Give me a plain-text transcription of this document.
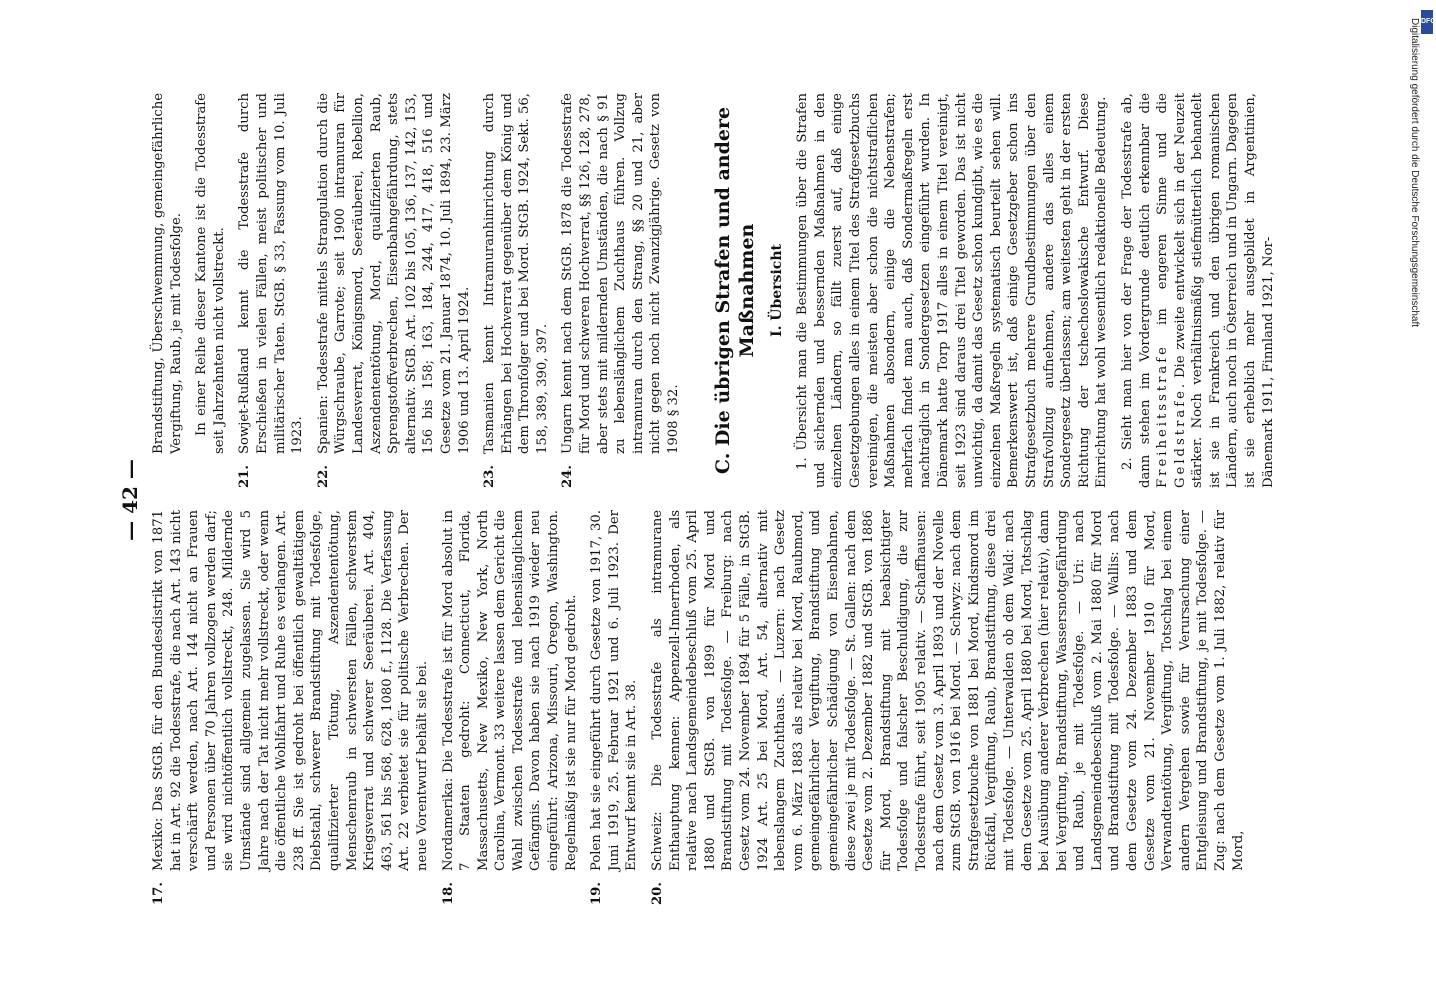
— 42 —
17.
Mexiko: Das StGB. für den Bundesdistrikt von 1871 hat in Art. 92 die Todesstrafe, die nach Art. 143 nicht verschärft werden, nach Art. 144 nicht an Frauen und Personen über 70 Jahren vollzogen werden darf; sie wird nichtöffentlich vollstreckt, 248. Mildernde Umstände sind allgemein zugelassen. Sie wird 5 Jahre nach der Tat nicht mehr vollstreckt, oder wenn die öffentliche Wohlfahrt und Ruhe es verlangen. Art. 238 ff. Sie ist gedroht bei öffentlich gewalttätigem Diebstahl, schwerer Brandstiftung mit Todesfolge, qualifizierter Tötung, Aszendententötung, Menschenraub in schwersten Fällen, schwerstem Kriegsverrat und schwerer Seeräuberei. Art. 404, 463, 561 bis 568, 628, 1080 f., 1128. Die Verfassung Art. 22 verbietet sie für politische Verbrechen. Der neue Vorentwurf behält sie bei.
18.
Nordamerika: Die Todesstrafe ist für Mord absolut in 7 Staaten gedroht: Connecticut, Florida, Massachusetts, New Mexiko, New York, North Carolina, Vermont. 33 weitere lassen dem Gericht die Wahl zwischen Todesstrafe und lebenslänglichem Gefängnis. Davon haben sie nach 1919 wieder neu eingeführt: Arizona, Missouri, Oregon, Washington. Regelmäßig ist sie nur für Mord gedroht.
19.
Polen hat sie eingeführt durch Gesetze von 1917, 30. Juni 1919, 25. Februar 1921 und 6. Juli 1923. Der Entwurf kennt sie in Art. 38.
20.
Schweiz: Die Todesstrafe als intramurane Enthauptung kennen: Appenzell-Innerrhoden, als relative nach Landsgemeindebeschluß vom 25. April 1880 und StGB. von 1899 für Mord und Brandstiftung mit Todesfolge. — Freiburg: nach Gesetz vom 24. November 1894 für 5 Fälle, in StGB. 1924 Art. 25 bei Mord, Art. 54, alternativ mit lebenslangem Zuchthaus. — Luzern: nach Gesetz vom 6. März 1883 als relativ bei Mord, Raubmord, gemeingefährlicher Vergiftung, Brandstiftung und gemeingefährlicher Schädigung von Eisenbahnen, diese zwei je mit Todesfolge. — St. Gallen: nach dem Gesetze vom 2. Dezember 1882 und StGB. von 1886 für Mord, Brandstiftung mit beabsichtigter Todesfolge und falscher Beschuldigung, die zur Todesstrafe führt, seit 1905 relativ. — Schaffhausen: nach dem Gesetz vom 3. April 1893 und der Novelle zum StGB. von 1916 bei Mord. — Schwyz: nach dem Strafgesetzbuche von 1881 bei Mord, Kindsmord im Rückfall, Vergiftung, Raub, Brandstiftung, diese drei mit Todesfolge. — Unterwalden ob dem Wald: nach dem Gesetze vom 25. April 1880 bei Mord, Totschlag bei Ausübung anderer Verbrechen (hier relativ), dann bei Vergiftung, Brandstiftung, Wassersnotgefährdung und Raub, je mit Todesfolge. — Uri: nach Landsgemeindebeschluß vom 2. Mai 1880 für Mord und Brandstiftung mit Todesfolge. — Wallis: nach dem Gesetze vom 24. Dezember 1883 und dem Gesetze vom 21. November 1910 für Mord, Verwandtentötung, Vergiftung, Totschlag bei einem andern Vergehen sowie für Verursachung einer Entgleisung und Brandstiftung, je mit Todesfolge. — Zug: nach dem Gesetze vom 1. Juli 1882, relativ für Mord,
Brandstiftung, Überschwemmung, gemeingefährliche Vergiftung, Raub, je mit Todesfolge. In einer Reihe dieser Kantone ist die Todesstrafe seit Jahrzehnten nicht vollstreckt.
21.
Sowjet-Rußland kennt die Todesstrafe durch Erschießen in vielen Fällen, meist politischer und militärischer Taten. StGB. § 33, Fassung vom 10. Juli 1923.
22.
Spanien: Todesstrafe mittels Strangulation durch die Würgschraube, Garrote; seit 1900 intramuran für Landesverrat, Königsmord, Seeräuberei, Rebellion, Aszendententötung, Mord, qualifizierten Raub, Sprengstoffverbrechen, Eisenbahngefährdung, stets alternativ. StGB. Art. 102 bis 105, 136, 137, 142, 153, 156 bis 158; 163, 184, 244, 417, 418, 516 und Gesetze vom 21. Januar 1874, 10. Juli 1894, 23. März 1906 und 13. April 1924.
23.
Tasmanien kennt Intramuranhinrichtung durch Erhängen bei Hochverrat gegenüber dem König und dem Thronfolger und bei Mord. StGB. 1924, Sekt. 56, 158, 389, 390, 397.
24.
Ungarn kennt nach dem StGB. 1878 die Todesstrafe für Mord und schweren Hochverrat, §§ 126, 128, 278, aber stets mit mildernden Umständen, die nach § 91 zu lebenslänglichem Zuchthaus führen. Vollzug intramuran durch den Strang, §§ 20 und 21, aber nicht gegen noch nicht Zwanzigjährige. Gesetz von 1908 § 32. C. Die übrigen Strafen und andere Maßnahmen I. Übersicht 1. Übersicht man die Bestimmungen über die Strafen und sichernden und bessernden Maßnahmen in den einzelnen Ländern, so fällt zuerst auf, daß einige Gesetzgebungen alles in einem Titel des Strafgesetzbuchs vereinigen, die meisten aber schon die nichtstraflichen Maßnahmen absondern, einige die Nebenstrafen; mehrfach findet man auch, daß Sondermaßregeln erst nachträglich in Sondergesetzen eingeführt wurden. In Dänemark hatte Torp 1917 alles in einem Titel vereinigt, seit 1923 sind daraus drei Titel geworden. Das ist nicht unwichtig, da damit das Gesetz schon kundgibt, wie es die einzelnen Maßregeln systematisch beurteilt sehen will. Bemerkenswert ist, daß einige Gesetzgeber schon ins Strafgesetzbuch mehrere Grundbestimmungen über den Strafvollzug aufnehmen, andere das alles einem Sondergesetz überlassen; am weitesten geht in der ersten Richtung der tschechoslowakische Entwurf. Diese Einrichtung hat wohl wesentlich redaktionelle Bedeutung. 2. Sieht man hier von der Frage der Todesstrafe ab, dann stehen im Vordergrunde deutlich erkennbar die Freiheitsstrafe im engeren Sinne und die Geldstrafe. Die zweite entwickelt sich in der Neuzeit stärker. Noch verhältnismäßig stiefmütterlich behandelt ist sie in Frankreich und den übrigen romanischen Ländern, auch noch in Österreich und in Ungarn. Dagegen ist sie erheblich mehr ausgebildet in Argentinien, Dänemark 1911, Finnland 1921, Nor-
Digitalisierung gefördert durch die Deutsche Forschungsgemeinschaft DFG
